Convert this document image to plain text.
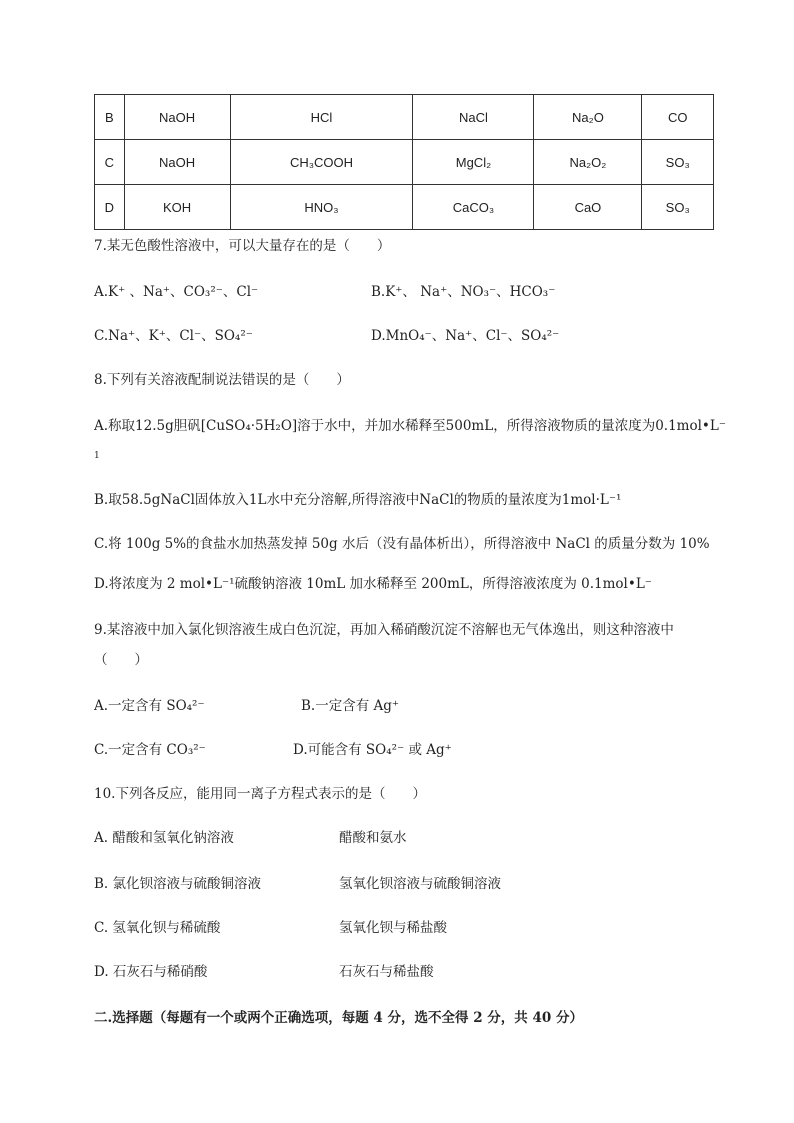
B	NaOH	HCl	NaCl	Na₂O	CO
C	NaOH	CH₃COOH	MgCl₂	Na₂O₂	SO₃
D	KOH	HNO₃	CaCO₃	CaO	SO₃
7.某无色酸性溶液中，可以大量存在的是（　　）
A.K⁺ 、Na⁺、CO₃²⁻、Cl⁻	B.K⁺、 Na⁺、NO₃⁻、HCO₃⁻
C.Na⁺、K⁺、Cl⁻、SO₄²⁻	D.MnO₄⁻、Na⁺、Cl⁻、SO₄²⁻
8.下列有关溶液配制说法错误的是（　　）
A.称取12.5g胆矾[CuSO₄·5H₂O]溶于水中，并加水稀释至500mL，所得溶液物质的量浓度为0.1mol•L⁻
1
B.取58.5gNaCl固体放入1L水中充分溶解,所得溶液中NaCl的物质的量浓度为1mol·L⁻¹
C.将 100g 5%的食盐水加热蒸发掉 50g 水后（没有晶体析出），所得溶液中 NaCl 的质量分数为 10%
D.将浓度为 2 mol•L⁻¹硫酸钠溶液 10mL 加水稀释至 200mL，所得溶液浓度为 0.1mol•L⁻
9.某溶液中加入氯化钡溶液生成白色沉淀，再加入稀硝酸沉淀不溶解也无气体逸出，则这种溶液中
（　　）
A.一定含有 SO₄²⁻	B.一定含有 Ag⁺
C.一定含有 CO₃²⁻	D.可能含有 SO₄²⁻ 或 Ag⁺
10.下列各反应，能用同一离子方程式表示的是（　　）
A. 醋酸和氢氧化钠溶液	醋酸和氨水
B. 氯化钡溶液与硫酸铜溶液	氢氧化钡溶液与硫酸铜溶液
C. 氢氧化钡与稀硫酸	氢氧化钡与稀盐酸
D. 石灰石与稀硝酸	石灰石与稀盐酸
二.选择题（每题有一个或两个正确选项，每题 4 分，选不全得 2 分，共 40 分）
